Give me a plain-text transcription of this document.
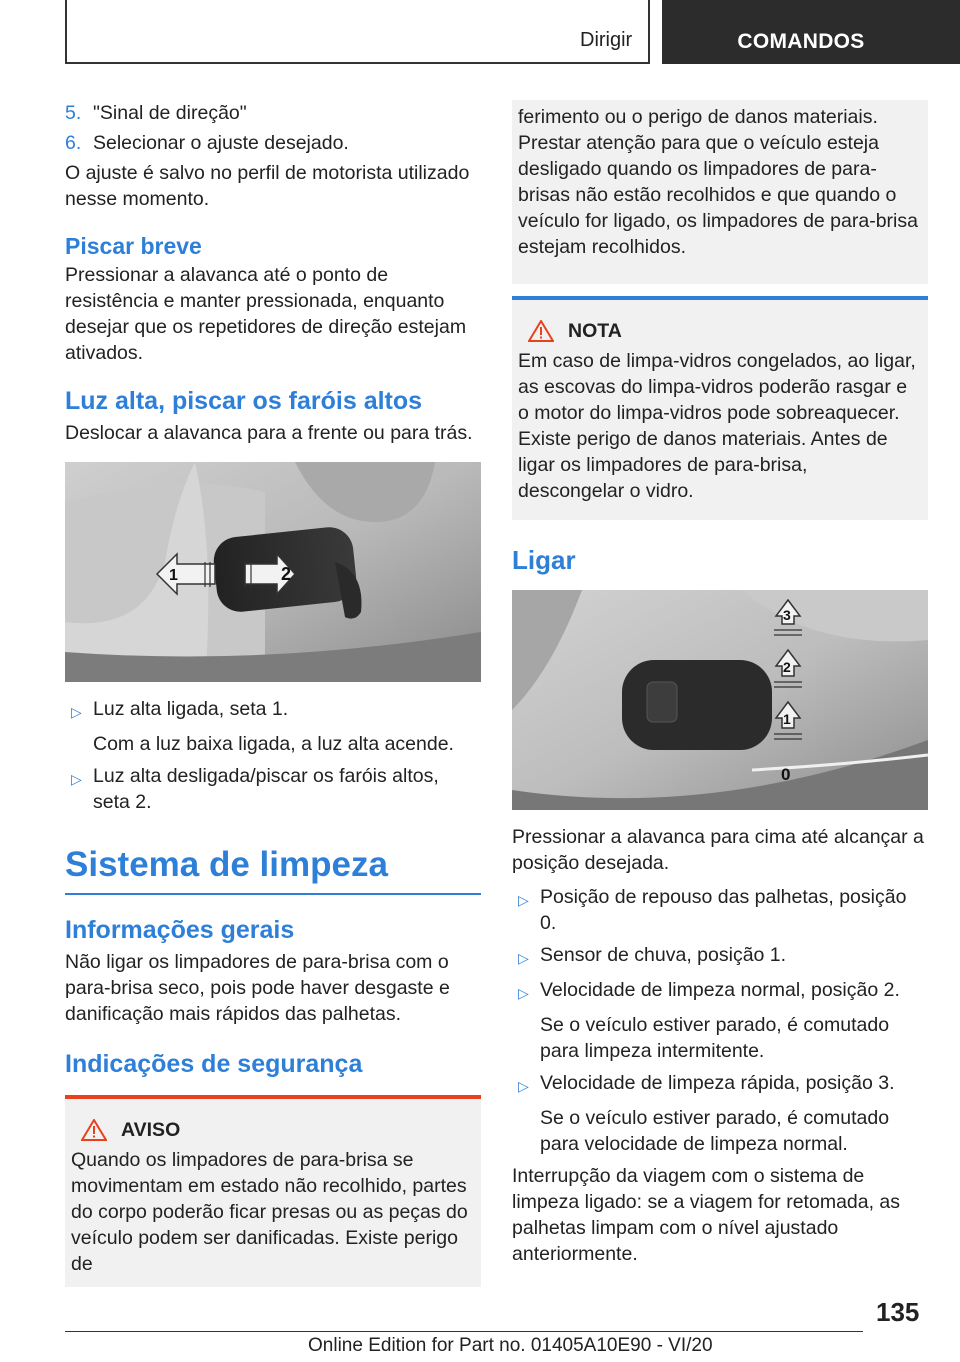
Dirigir	COMANDOS
5. "Sinal de direção"
6. Selecionar o ajuste desejado.

O ajuste é salvo no perfil de motorista utilizado nesse momento.

Piscar breve

Pressionar a alavanca até o ponto de resistência e manter pressionada, enquanto desejar que os repetidores de direção estejam ativados.

Luz alta, piscar os faróis altos

Deslocar a alavanca para a frente ou para trás.

1	2
▷ Luz alta ligada, seta 1.

Com a luz baixa ligada, a luz alta acende.

▷ Luz alta desligada/piscar os faróis altos, seta 2.
Sistema de limpeza
Informações gerais

Não ligar os limpadores de para-brisa com o para-brisa seco, pois pode haver desgaste e danificação mais rápidos das palhetas.

Indicações de segurança
AVISO

Quando os limpadores de para-brisa se movimentam em estado não recolhido, partes do corpo poderão ficar presas ou as peças do veículo podem ser danificadas. Existe perigo de

ferimento ou o perigo de danos materiais. Prestar atenção para que o veículo esteja desligado quando os limpadores de para-brisas não estão recolhidos e que quando o veículo for ligado, os limpadores de para-brisa estejam recolhidos.

NOTA

Em caso de limpa-vidros congelados, ao ligar, as escovas do limpa-vidros poderão rasgar e o motor do limpa-vidros pode sobreaquecer. Existe perigo de danos materiais. Antes de ligar os limpadores de para-brisa, descongelar o vidro.

Ligar
3
2
1
0

Pressionar a alavanca para cima até alcançar a posição desejada.

▷ Posição de repouso das palhetas, posição 0.
▷ Sensor de chuva, posição 1.
▷ Velocidade de limpeza normal, posição 2.

Se o veículo estiver parado, é comutado para limpeza intermitente.

▷ Velocidade de limpeza rápida, posição 3.

Se o veículo estiver parado, é comutado para velocidade de limpeza normal.

Interrupção da viagem com o sistema de limpeza ligado: se a viagem for retomada, as palhetas limpam com o nível ajustado anteriormente.

135
Online Edition for Part no. 01405A10E90 - VI/20
